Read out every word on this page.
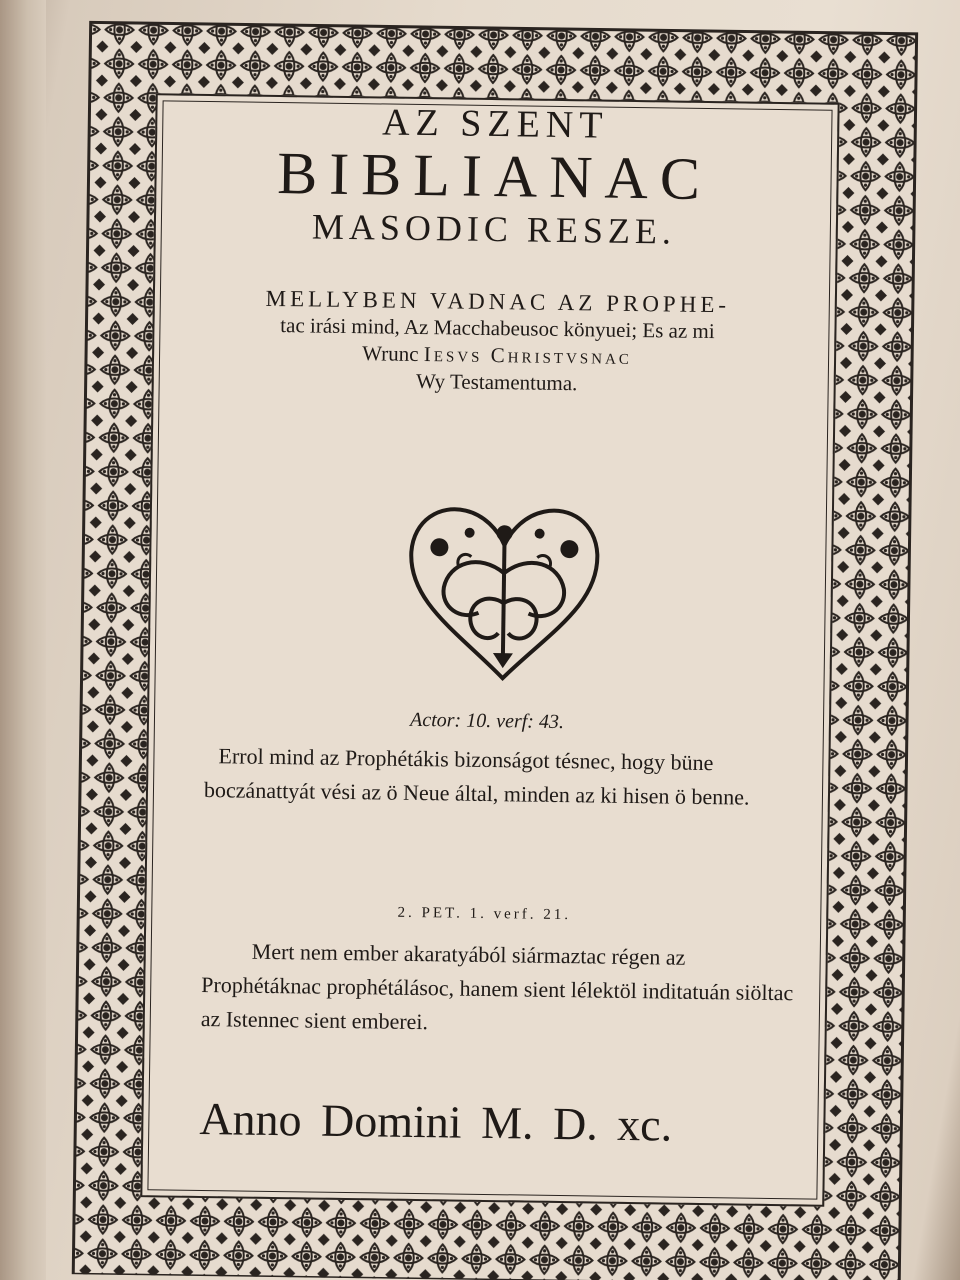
AZ SZENT
BIBLIANAC
MASODIC RESZE.
MELLYBEN VADNAC AZ PROPHE-
tac irási mind, Az Macchabeusoc könyuei; Es az mi
Wrunc Iesvs Christvsnac
Wy Testamentuma.
Actor: 10. verf: 43.
Errol mind az Prophétákis bizonságot tésnec, hogy büne boczánattyát vési az ö Neue által, minden az ki hisen ö benne.
2. PET. 1. verf. 21.
Mert nem ember akaratyából siármaztac régen az Prophétáknac prophétálásoc, hanem sient lélektöl inditatuán siöltac az Istennec sient emberei.
Anno Domini M. D. xc.
